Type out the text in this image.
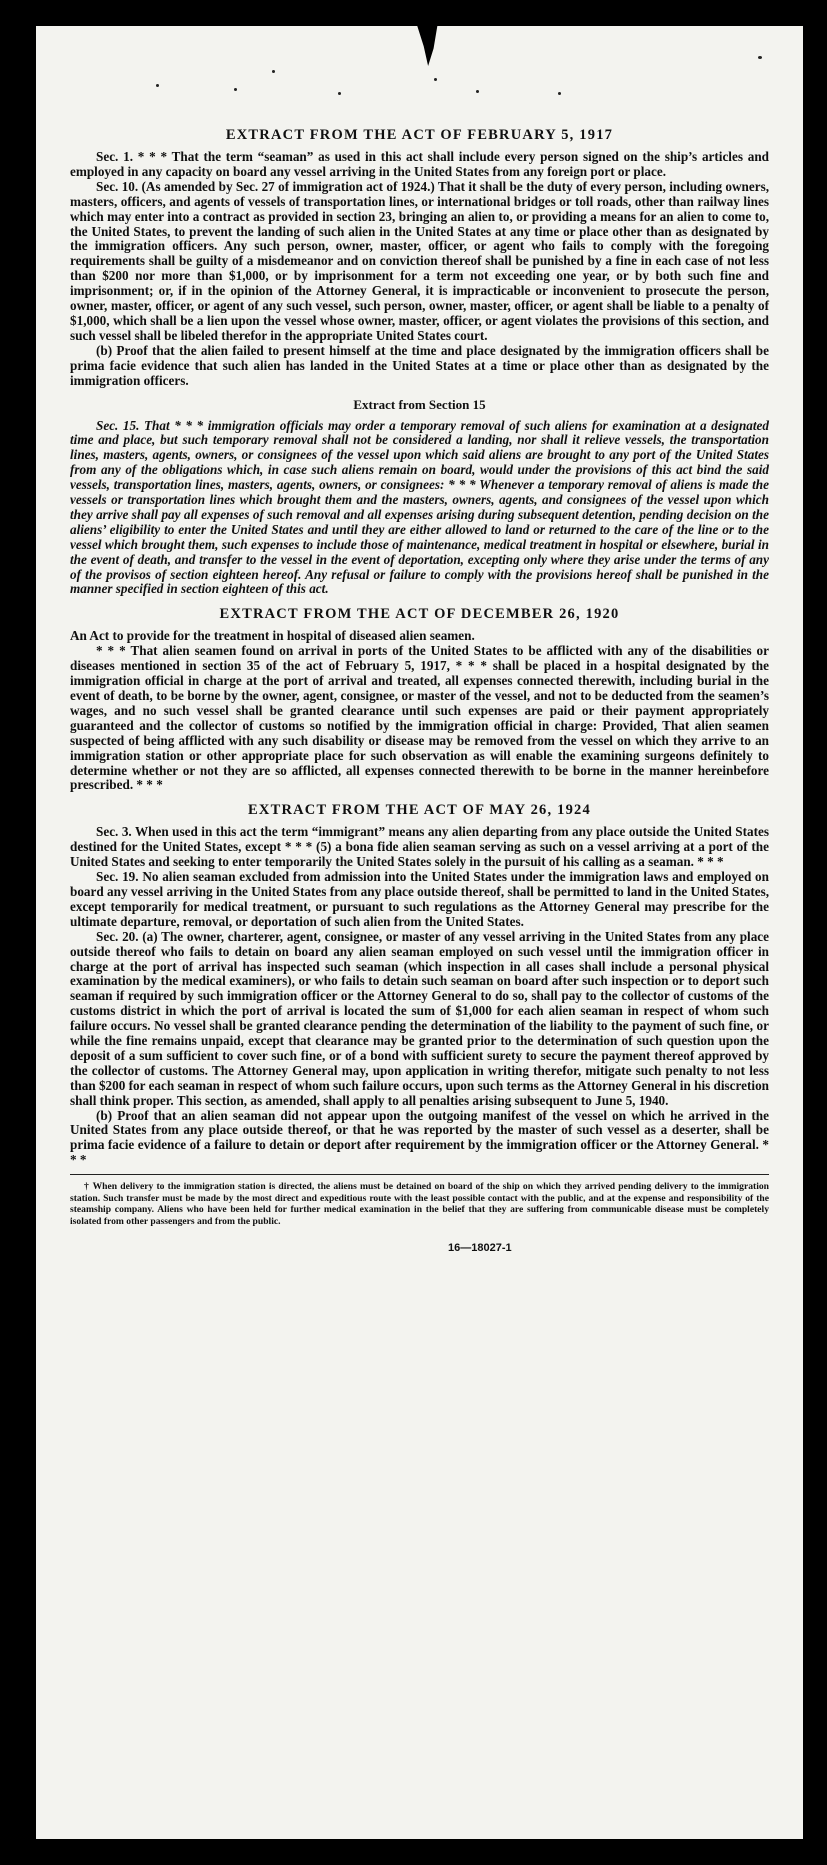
EXTRACT FROM THE ACT OF FEBRUARY 5, 1917

Sec. 1. * * * That the term “seaman” as used in this act shall include every person signed on the ship’s articles and employed in any capacity on board any vessel arriving in the United States from any foreign port or place.

Sec. 10. (As amended by Sec. 27 of immigration act of 1924.) That it shall be the duty of every person, including owners, masters, officers, and agents of vessels of transportation lines, or international bridges or toll roads, other than railway lines which may enter into a contract as provided in section 23, bringing an alien to, or providing a means for an alien to come to, the United States, to prevent the landing of such alien in the United States at any time or place other than as designated by the immigration officers. Any such person, owner, master, officer, or agent who fails to comply with the foregoing requirements shall be guilty of a misdemeanor and on conviction thereof shall be punished by a fine in each case of not less than $200 nor more than $1,000, or by imprisonment for a term not exceeding one year, or by both such fine and imprisonment; or, if in the opinion of the Attorney General, it is impracticable or inconvenient to prosecute the person, owner, master, officer, or agent of any such vessel, such person, owner, master, officer, or agent shall be liable to a penalty of $1,000, which shall be a lien upon the vessel whose owner, master, officer, or agent violates the provisions of this section, and such vessel shall be libeled therefor in the appropriate United States court.

(b) Proof that the alien failed to present himself at the time and place designated by the immigration officers shall be prima facie evidence that such alien has landed in the United States at a time or place other than as designated by the immigration officers.

Extract from Section 15

Sec. 15. That * * * immigration officials may order a temporary removal of such aliens for examination at a designated time and place, but such temporary removal shall not be considered a landing, nor shall it relieve vessels, the transportation lines, masters, agents, owners, or consignees of the vessel upon which said aliens are brought to any port of the United States from any of the obligations which, in case such aliens remain on board, would under the provisions of this act bind the said vessels, transportation lines, masters, agents, owners, or consignees: * * * Whenever a temporary removal of aliens is made the vessels or transportation lines which brought them and the masters, owners, agents, and consignees of the vessel upon which they arrive shall pay all expenses of such removal and all expenses arising during subsequent detention, pending decision on the aliens’ eligibility to enter the United States and until they are either allowed to land or returned to the care of the line or to the vessel which brought them, such expenses to include those of maintenance, medical treatment in hospital or elsewhere, burial in the event of death, and transfer to the vessel in the event of deportation, excepting only where they arise under the terms of any of the provisos of section eighteen hereof. Any refusal or failure to comply with the provisions hereof shall be punished in the manner specified in section eighteen of this act.

EXTRACT FROM THE ACT OF DECEMBER 26, 1920

An Act to provide for the treatment in hospital of diseased alien seamen.

* * * That alien seamen found on arrival in ports of the United States to be afflicted with any of the disabilities or diseases mentioned in section 35 of the act of February 5, 1917, * * * shall be placed in a hospital designated by the immigration official in charge at the port of arrival and treated, all expenses connected therewith, including burial in the event of death, to be borne by the owner, agent, consignee, or master of the vessel, and not to be deducted from the seamen’s wages, and no such vessel shall be granted clearance until such expenses are paid or their payment appropriately guaranteed and the collector of customs so notified by the immigration official in charge: Provided, That alien seamen suspected of being afflicted with any such disability or disease may be removed from the vessel on which they arrive to an immigration station or other appropriate place for such observation as will enable the examining surgeons definitely to determine whether or not they are so afflicted, all expenses connected therewith to be borne in the manner hereinbefore prescribed. * * *

EXTRACT FROM THE ACT OF MAY 26, 1924

Sec. 3. When used in this act the term “immigrant” means any alien departing from any place outside the United States destined for the United States, except * * * (5) a bona fide alien seaman serving as such on a vessel arriving at a port of the United States and seeking to enter temporarily the United States solely in the pursuit of his calling as a seaman. * * *

Sec. 19. No alien seaman excluded from admission into the United States under the immigration laws and employed on board any vessel arriving in the United States from any place outside thereof, shall be permitted to land in the United States, except temporarily for medical treatment, or pursuant to such regulations as the Attorney General may prescribe for the ultimate departure, removal, or deportation of such alien from the United States.

Sec. 20. (a) The owner, charterer, agent, consignee, or master of any vessel arriving in the United States from any place outside thereof who fails to detain on board any alien seaman employed on such vessel until the immigration officer in charge at the port of arrival has inspected such seaman (which inspection in all cases shall include a personal physical examination by the medical examiners), or who fails to detain such seaman on board after such inspection or to deport such seaman if required by such immigration officer or the Attorney General to do so, shall pay to the collector of customs of the customs district in which the port of arrival is located the sum of $1,000 for each alien seaman in respect of whom such failure occurs. No vessel shall be granted clearance pending the determination of the liability to the payment of such fine, or while the fine remains unpaid, except that clearance may be granted prior to the determination of such question upon the deposit of a sum sufficient to cover such fine, or of a bond with sufficient surety to secure the payment thereof approved by the collector of customs. The Attorney General may, upon application in writing therefor, mitigate such penalty to not less than $200 for each seaman in respect of whom such failure occurs, upon such terms as the Attorney General in his discretion shall think proper. This section, as amended, shall apply to all penalties arising subsequent to June 5, 1940.

(b) Proof that an alien seaman did not appear upon the outgoing manifest of the vessel on which he arrived in the United States from any place outside thereof, or that he was reported by the master of such vessel as a deserter, shall be prima facie evidence of a failure to detain or deport after requirement by the immigration officer or the Attorney General. * * *

† When delivery to the immigration station is directed, the aliens must be detained on board of the ship on which they arrived pending delivery to the immigration station. Such transfer must be made by the most direct and expeditious route with the least possible contact with the public, and at the expense and responsibility of the steamship company. Aliens who have been held for further medical examination in the belief that they are suffering from communicable disease must be completely isolated from other passengers and from the public.

16—18027-1
